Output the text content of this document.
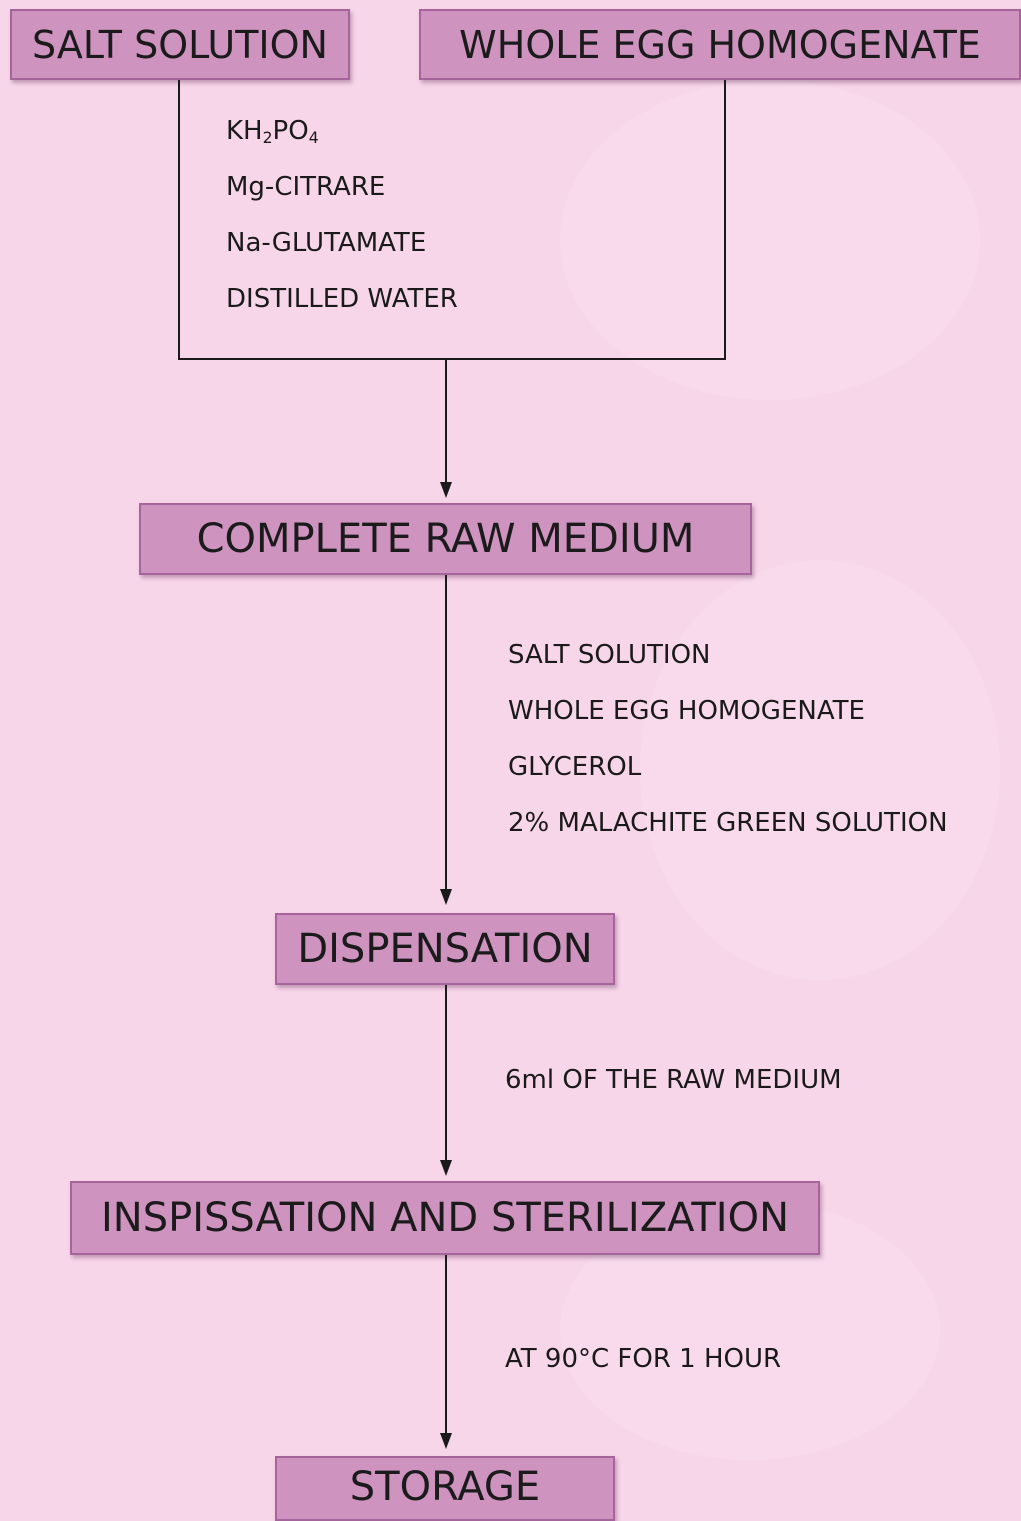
SALT SOLUTION	WHOLE EGG HOMOGENATE
$KH_2PO_4$
Mg-CITRARE
Na-GLUTAMATE
DISTILLED WATER
COMPLETE RAW MEDIUM
SALT SOLUTION
WHOLE EGG HOMOGENATE
GLYCEROL
2% MALACHITE GREEN SOLUTION
DISPENSATION
6ml OF THE RAW MEDIUM
INSPISSATION AND STERILIZATION
AT 90°C FOR 1 HOUR
STORAGE
